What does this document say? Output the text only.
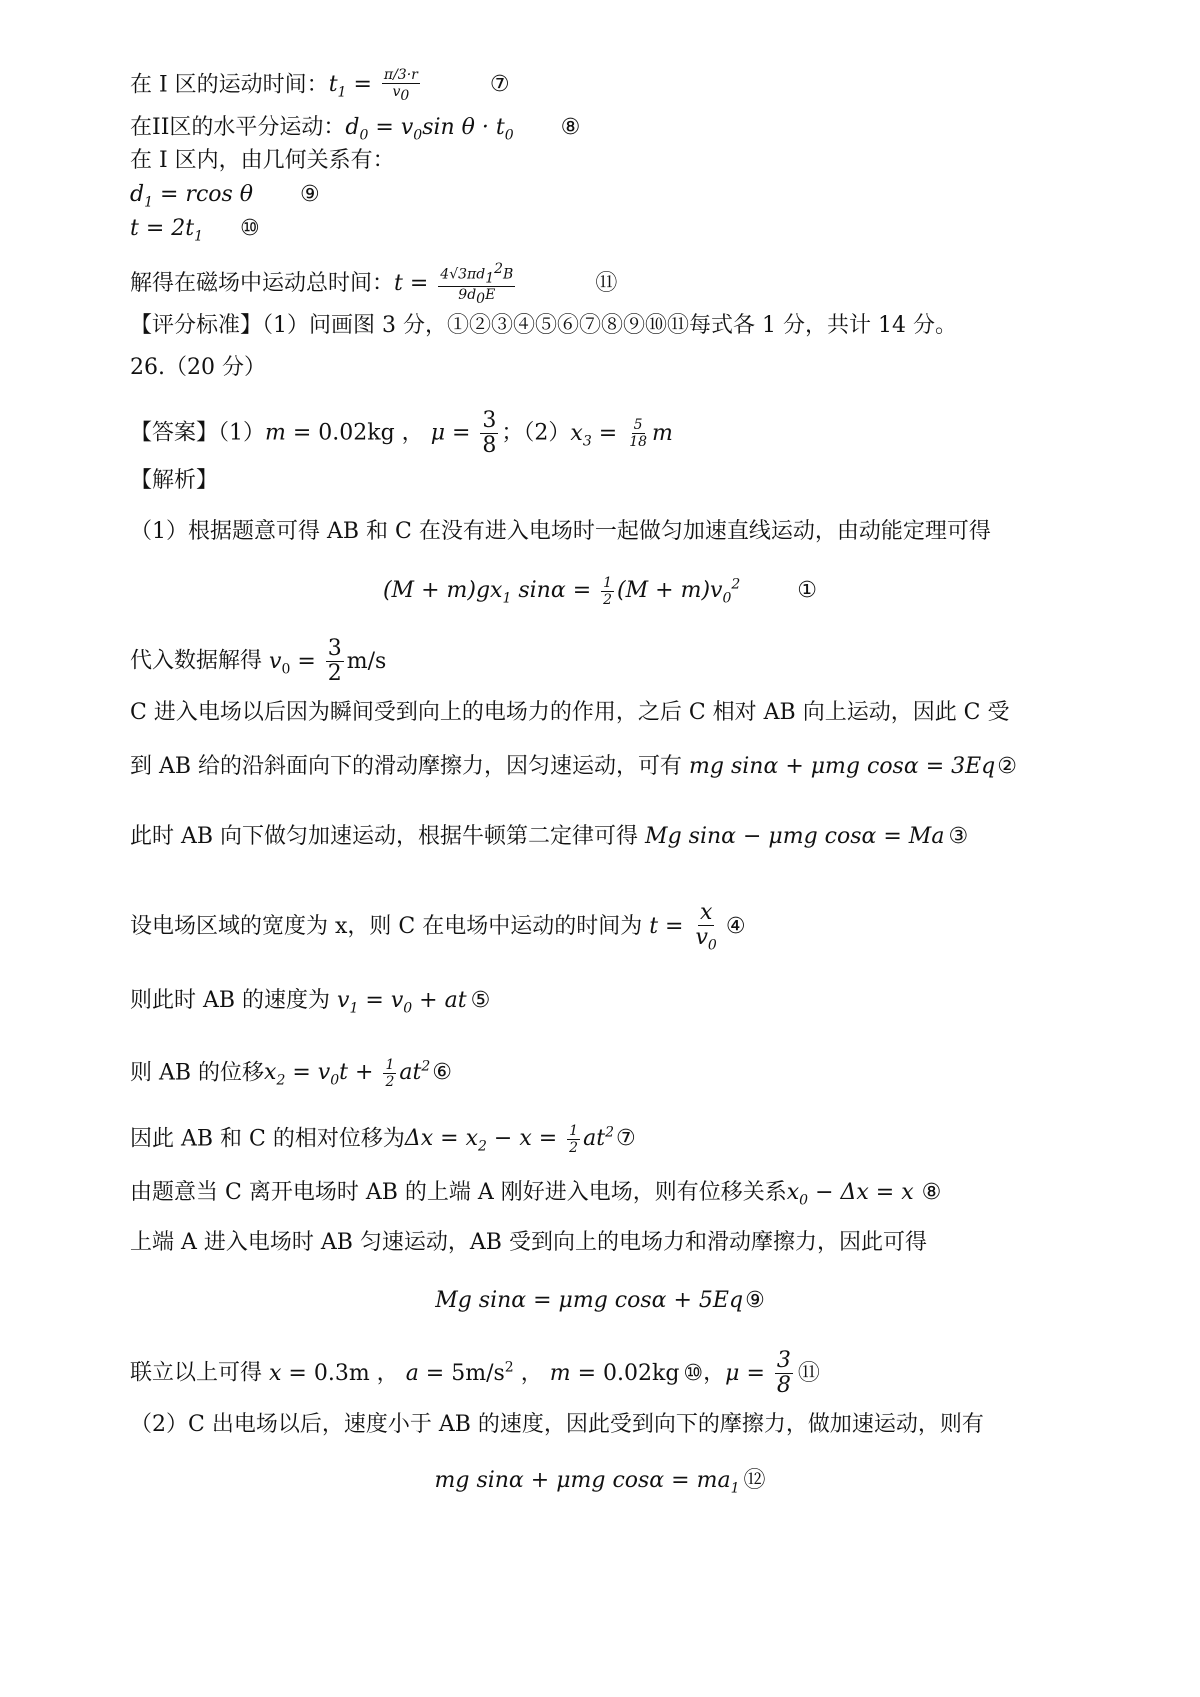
在 I 区的运动时间：$t_1 = \frac{\pi/3\cdot r}{v_0}$	⑦
在II区的水平分运动：$d_0 = v_0\sin$ $\theta \cdot t_0$ ⑧
在 I 区内，由几何关系有：
$d_1 = rcos$ θ ⑨
$t = 2t_1$ ⑩
解得在磁场中运动总时间：$t = \frac{4√3\pi d_1^2B}{9d_0E}$	⑪
【评分标准】（1）问画图 3 分，①②③④⑤⑥⑦⑧⑨⑩⑪每式各 1 分，共计 14 分。
26.（20 分）
【答案】（1）m = 0.02kg ， $\mu = \frac{3}{8}$ ；$(2)x_3 = \frac{5}{18}$ m
【解析】
（1）根据题意可得 AB 和 C 在没有进入电场时一起做匀加速直线运动，由动能定理可得
$(M + m)gx_1$ $\sin\alpha = \frac{1}{2} (M + m)v_0^2$	①
代入数据解得 $v_0 = \frac{3}{2} m/s$
C 进入电场以后因为瞬间受到向上的电场力的作用，之后 C 相对 AB 向上运动，因此 C 受
到 AB 给的沿斜面向下的滑动摩擦力，因匀速运动，可有 mg sinα + μmg cosα = 3Eq②
此时 AB 向下做匀加速运动，根据牛顿第二定律可得 Mg sinα − μmg cosα = Ma ③
设电场区域的宽度为 x，则 C 在电场中运动的时间为 $t = \frac{x}{v_0}$ ④
则此时 AB 的速度为 $v_1 = v_0$ + at ⑤
则 AB 的位移$x_2 = v_0t + \frac{1}{2}$ $at^2⑥$
因此 AB 和 C 的相对位移为$\Delta x = x_2 - x = \frac{1}{2}$ $at^2⑦$
由题意当 C 离开电场时 AB 的上端 A 刚好进入电场，则有位移关系$x_0 - \Delta x = x$ ⑧
上端 A 进入电场时 AB 匀速运动，AB 受到向上的电场力和滑动摩擦力，因此可得
Mg sinα = μmg cosα + 5Eq⑨
联立以上可得 x = 0.3m ， $a = 5m/s^2$ ， m = 0.02kg ⑩，$\mu = \frac{3}{8}$ ⑪
（2）C 出电场以后，速度小于 AB 的速度，因此受到向下的摩擦力，做加速运动，则有
mg sinα + μmg $\cos\alpha = ma_1$ ⑫
